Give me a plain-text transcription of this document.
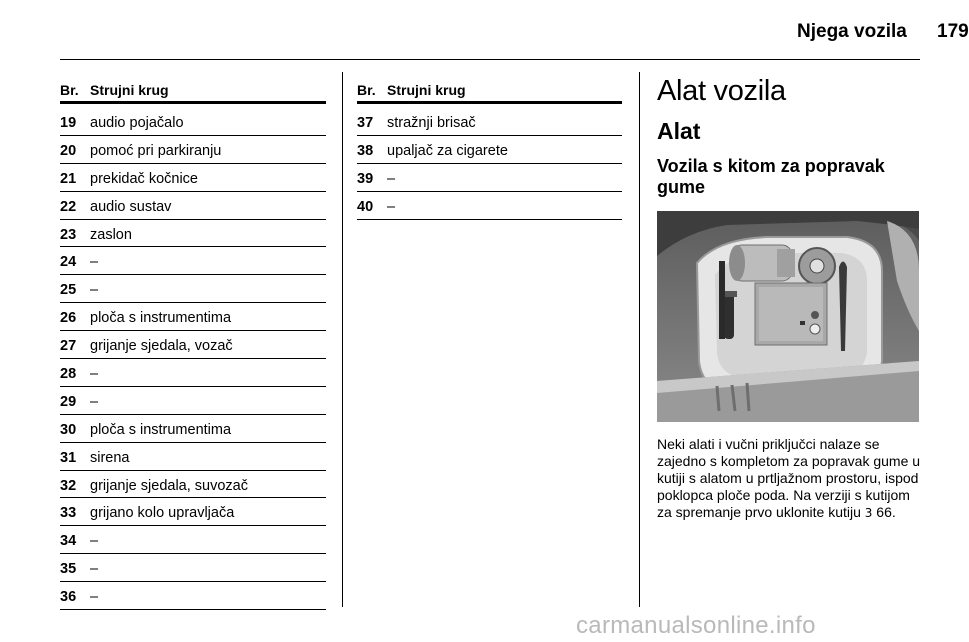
Njega vozila 179
Br. Strujni krug
19 audio pojačalo
20 pomoć pri parkiranju
21 prekidač kočnice
22 audio sustav
23 zaslon
24 –
25 –
26 ploča s instrumentima
27 grijanje sjedala, vozač
28 –
29 –
30 ploča s instrumentima
31 sirena
32 grijanje sjedala, suvozač
33 grijano kolo upravljača
34 –
35 –
36 –
Br. Strujni krug
37 stražnji brisač
38 upaljač za cigarete
39 –
40 –
Alat vozila
Alat
Vozila s kitom za popravak gume
Neki alati i vučni priključci nalaze se zajedno s kompletom za popravak gume u kutiji s alatom u prtljažnom prostoru, ispod poklopca ploče poda. Na verziji s kutijom za spremanje prvo uklonite kutiju 3 66.
carmanualsonline.info
